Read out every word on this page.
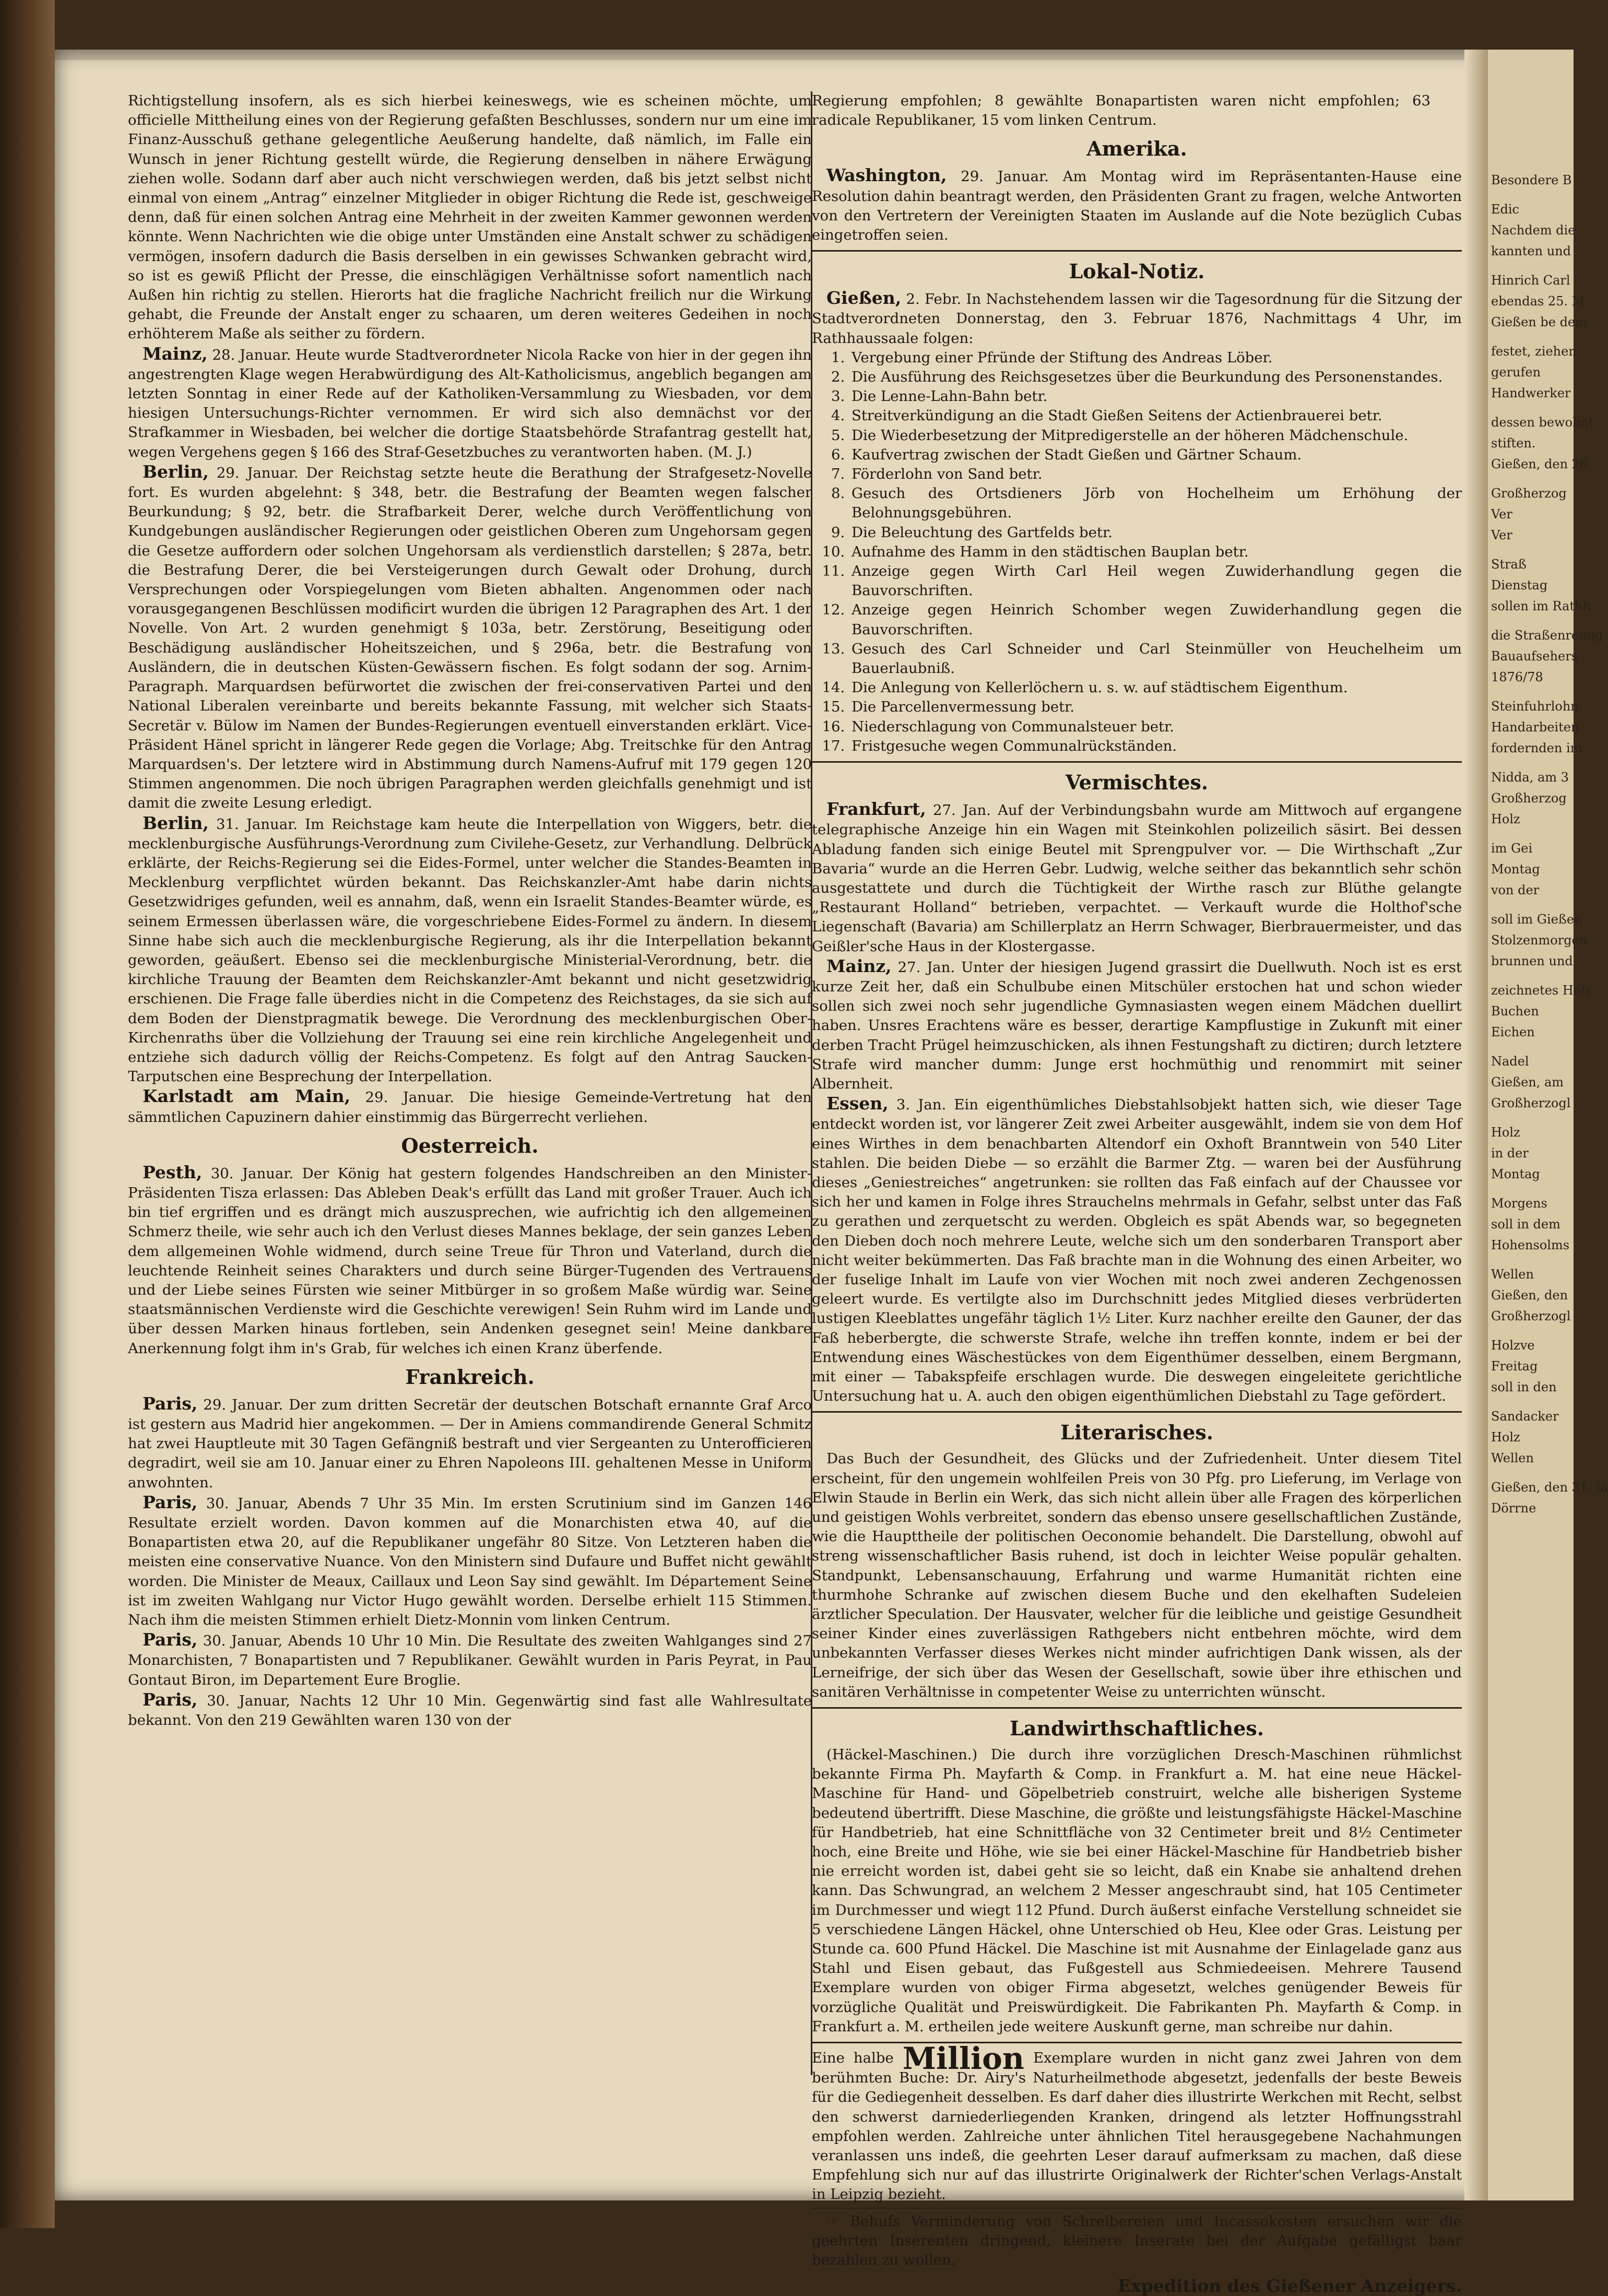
Besondere B
Edic
Nachdem die
kannten und
Hinrich Carl
ebendas 25. M
Gießen be dem
festet, ziehen
gerufen
Handwerker
dessen bewohnt
stiften.
Gießen, den 26.
Großherzog
Ver
Ver
Straß
Dienstag
sollen im Rathh
die Straßenreinig
Bauaufsehers
1876/78
Steinfuhrlohn
Handarbeiten
fordernden im
Nidda, am 3
Großherzog
Holz
im Gei
Montag
von der
soll im Gießen
Stolzenmorgen
brunnen und
zeichnetes Holz
Buchen
Eichen
Nadel
Gießen, am
Großherzogl
Holz
in der
Montag
Morgens
soll in dem
Hohensolms
Wellen
Gießen, den
Großherzogl
Holzve
Freitag
soll in den
Sandacker
Holz
Wellen
Gießen, den 31. Ja
Dörrne

Richtigstellung insofern, als es sich hierbei keineswegs, wie es scheinen möchte, um officielle Mittheilung eines von der Regierung gefaßten Beschlusses, sondern nur um eine im Finanz-Ausschuß gethane gelegentliche Aeußerung handelte, daß nämlich, im Falle ein Wunsch in jener Richtung gestellt würde, die Regierung denselben in nähere Erwägung ziehen wolle. Sodann darf aber auch nicht verschwiegen werden, daß bis jetzt selbst nicht einmal von einem „Antrag“ einzelner Mitglieder in obiger Richtung die Rede ist, geschweige denn, daß für einen solchen Antrag eine Mehrheit in der zweiten Kammer gewonnen werden könnte. Wenn Nachrichten wie die obige unter Umständen eine Anstalt schwer zu schädigen vermögen, insofern dadurch die Basis derselben in ein gewisses Schwanken gebracht wird, so ist es gewiß Pflicht der Presse, die einschlägigen Verhältnisse sofort namentlich nach Außen hin richtig zu stellen. Hierorts hat die fragliche Nachricht freilich nur die Wirkung gehabt, die Freunde der Anstalt enger zu schaaren, um deren weiteres Gedeihen in noch erhöhterem Maße als seither zu fördern.

Mainz, 28. Januar. Heute wurde Stadtverordneter Nicola Racke von hier in der gegen ihn angestrengten Klage wegen Herabwürdigung des Alt-Katholicismus, angeblich begangen am letzten Sonntag in einer Rede auf der Katholiken-Versammlung zu Wiesbaden, vor dem hiesigen Untersuchungs-Richter vernommen. Er wird sich also demnächst vor der Strafkammer in Wiesbaden, bei welcher die dortige Staatsbehörde Strafantrag gestellt hat, wegen Vergehens gegen § 166 des Straf-Gesetzbuches zu verantworten haben. (M. J.)

Berlin, 29. Januar. Der Reichstag setzte heute die Berathung der Strafgesetz-Novelle fort. Es wurden abgelehnt: § 348, betr. die Bestrafung der Beamten wegen falscher Beurkundung; § 92, betr. die Strafbarkeit Derer, welche durch Veröffentlichung von Kundgebungen ausländischer Regierungen oder geistlichen Oberen zum Ungehorsam gegen die Gesetze auffordern oder solchen Ungehorsam als verdienstlich darstellen; § 287a, betr. die Bestrafung Derer, die bei Versteigerungen durch Gewalt oder Drohung, durch Versprechungen oder Vorspiegelungen vom Bieten abhalten. Angenommen oder nach vorausgegangenen Beschlüssen modificirt wurden die übrigen 12 Paragraphen des Art. 1 der Novelle. Von Art. 2 wurden genehmigt § 103a, betr. Zerstörung, Beseitigung oder Beschädigung ausländischer Hoheitszeichen, und § 296a, betr. die Bestrafung von Ausländern, die in deutschen Küsten-Gewässern fischen. Es folgt sodann der sog. Arnim-Paragraph. Marquardsen befürwortet die zwischen der frei-conservativen Partei und den National Liberalen vereinbarte und bereits bekannte Fassung, mit welcher sich Staats-Secretär v. Bülow im Namen der Bundes-Regierungen eventuell einverstanden erklärt. Vice-Präsident Hänel spricht in längerer Rede gegen die Vorlage; Abg. Treitschke für den Antrag Marquardsen's. Der letztere wird in Abstimmung durch Namens-Aufruf mit 179 gegen 120 Stimmen angenommen. Die noch übrigen Paragraphen werden gleichfalls genehmigt und ist damit die zweite Lesung erledigt.

Berlin, 31. Januar. Im Reichstage kam heute die Interpellation von Wiggers, betr. die mecklenburgische Ausführungs-Verordnung zum Civilehe-Gesetz, zur Verhandlung. Delbrück erklärte, der Reichs-Regierung sei die Eides-Formel, unter welcher die Standes-Beamten in Mecklenburg verpflichtet würden bekannt. Das Reichskanzler-Amt habe darin nichts Gesetzwidriges gefunden, weil es annahm, daß, wenn ein Israelit Standes-Beamter würde, es seinem Ermessen überlassen wäre, die vorgeschriebene Eides-Formel zu ändern. In diesem Sinne habe sich auch die mecklenburgische Regierung, als ihr die Interpellation bekannt geworden, geäußert. Ebenso sei die mecklenburgische Ministerial-Verordnung, betr. die kirchliche Trauung der Beamten dem Reichskanzler-Amt bekannt und nicht gesetzwidrig erschienen. Die Frage falle überdies nicht in die Competenz des Reichstages, da sie sich auf dem Boden der Dienstpragmatik bewege. Die Verordnung des mecklenburgischen Ober-Kirchenraths über die Vollziehung der Trauung sei eine rein kirchliche Angelegenheit und entziehe sich dadurch völlig der Reichs-Competenz. Es folgt auf den Antrag Saucken-Tarputschen eine Besprechung der Interpellation.

Karlstadt am Main, 29. Januar. Die hiesige Gemeinde-Vertretung hat den sämmtlichen Capuzinern dahier einstimmig das Bürgerrecht verliehen.

Oesterreich.

Pesth, 30. Januar. Der König hat gestern folgendes Handschreiben an den Minister-Präsidenten Tisza erlassen: Das Ableben Deak's erfüllt das Land mit großer Trauer. Auch ich bin tief ergriffen und es drängt mich auszusprechen, wie aufrichtig ich den allgemeinen Schmerz theile, wie sehr auch ich den Verlust dieses Mannes beklage, der sein ganzes Leben dem allgemeinen Wohle widmend, durch seine Treue für Thron und Vaterland, durch die leuchtende Reinheit seines Charakters und durch seine Bürger-Tugenden des Vertrauens und der Liebe seines Fürsten wie seiner Mitbürger in so großem Maße würdig war. Seine staatsmännischen Verdienste wird die Geschichte verewigen! Sein Ruhm wird im Lande und über dessen Marken hinaus fortleben, sein Andenken gesegnet sein! Meine dankbare Anerkennung folgt ihm in's Grab, für welches ich einen Kranz überfende.

Frankreich.

Paris, 29. Januar. Der zum dritten Secretär der deutschen Botschaft ernannte Graf Arco ist gestern aus Madrid hier angekommen. — Der in Amiens commandirende General Schmitz hat zwei Hauptleute mit 30 Tagen Gefängniß bestraft und vier Sergeanten zu Unterofficieren degradirt, weil sie am 10. Januar einer zu Ehren Napoleons III. gehaltenen Messe in Uniform anwohnten.

Paris, 30. Januar, Abends 7 Uhr 35 Min. Im ersten Scrutinium sind im Ganzen 146 Resultate erzielt worden. Davon kommen auf die Monarchisten etwa 40, auf die Bonapartisten etwa 20, auf die Republikaner ungefähr 80 Sitze. Von Letzteren haben die meisten eine conservative Nuance. Von den Ministern sind Dufaure und Buffet nicht gewählt worden. Die Minister de Meaux, Caillaux und Leon Say sind gewählt. Im Département Seine ist im zweiten Wahlgang nur Victor Hugo gewählt worden. Derselbe erhielt 115 Stimmen. Nach ihm die meisten Stimmen erhielt Dietz-Monnin vom linken Centrum.

Paris, 30. Januar, Abends 10 Uhr 10 Min. Die Resultate des zweiten Wahlganges sind 27 Monarchisten, 7 Bonapartisten und 7 Republikaner. Gewählt wurden in Paris Peyrat, in Pau Gontaut Biron, im Departement Eure Broglie.

Paris, 30. Januar, Nachts 12 Uhr 10 Min. Gegenwärtig sind fast alle Wahlresultate bekannt. Von den 219 Gewählten waren 130 von der

Regierung empfohlen; 8 gewählte Bonapartisten waren nicht empfohlen; 63 radicale Republikaner, 15 vom linken Centrum.

Amerika.

Washington, 29. Januar. Am Montag wird im Repräsentanten-Hause eine Resolution dahin beantragt werden, den Präsidenten Grant zu fragen, welche Antworten von den Vertretern der Vereinigten Staaten im Auslande auf die Note bezüglich Cubas eingetroffen seien.

Lokal-Notiz.

Gießen, 2. Febr. In Nachstehendem lassen wir die Tagesordnung für die Sitzung der Stadtverordneten Donnerstag, den 3. Februar 1876, Nachmittags 4 Uhr, im Rathhaussaale folgen:

1. Vergebung einer Pfründe der Stiftung des Andreas Löber.
2. Die Ausführung des Reichsgesetzes über die Beurkundung des Personenstandes.
3. Die Lenne-Lahn-Bahn betr.
4. Streitverkündigung an die Stadt Gießen Seitens der Actienbrauerei betr.
5. Die Wiederbesetzung der Mitpredigerstelle an der höheren Mädchenschule.
6. Kaufvertrag zwischen der Stadt Gießen und Gärtner Schaum.
7. Förderlohn von Sand betr.
8. Gesuch des Ortsdieners Jörb von Hochelheim um Erhöhung der Belohnungsgebühren.
9. Die Beleuchtung des Gartfelds betr.
10. Aufnahme des Hamm in den städtischen Bauplan betr.
11. Anzeige gegen Wirth Carl Heil wegen Zuwiderhandlung gegen die Bauvorschriften.
12. Anzeige gegen Heinrich Schomber wegen Zuwiderhandlung gegen die Bauvorschriften.
13. Gesuch des Carl Schneider und Carl Steinmüller von Heuchelheim um Bauerlaubniß.
14. Die Anlegung von Kellerlöchern u. s. w. auf städtischem Eigenthum.
15. Die Parcellenvermessung betr.
16. Niederschlagung von Communalsteuer betr.
17. Fristgesuche wegen Communalrückständen.
Vermischtes.

Frankfurt, 27. Jan. Auf der Verbindungsbahn wurde am Mittwoch auf ergangene telegraphische Anzeige hin ein Wagen mit Steinkohlen polizeilich säsirt. Bei dessen Abladung fanden sich einige Beutel mit Sprengpulver vor. — Die Wirthschaft „Zur Bavaria“ wurde an die Herren Gebr. Ludwig, welche seither das bekanntlich sehr schön ausgestattete und durch die Tüchtigkeit der Wirthe rasch zur Blüthe gelangte „Restaurant Holland“ betrieben, verpachtet. — Verkauft wurde die Holthof'sche Liegenschaft (Bavaria) am Schillerplatz an Herrn Schwager, Bierbrauermeister, und das Geißler'sche Haus in der Klostergasse.

Mainz, 27. Jan. Unter der hiesigen Jugend grassirt die Duellwuth. Noch ist es erst kurze Zeit her, daß ein Schulbube einen Mitschüler erstochen hat und schon wieder sollen sich zwei noch sehr jugendliche Gymnasiasten wegen einem Mädchen duellirt haben. Unsres Erachtens wäre es besser, derartige Kampflustige in Zukunft mit einer derben Tracht Prügel heimzuschicken, als ihnen Festungshaft zu dictiren; durch letztere Strafe wird mancher dumm: Junge erst hochmüthig und renommirt mit seiner Albernheit.

Essen, 3. Jan. Ein eigenthümliches Diebstahlsobjekt hatten sich, wie dieser Tage entdeckt worden ist, vor längerer Zeit zwei Arbeiter ausgewählt, indem sie von dem Hof eines Wirthes in dem benachbarten Altendorf ein Oxhoft Branntwein von 540 Liter stahlen. Die beiden Diebe — so erzählt die Barmer Ztg. — waren bei der Ausführung dieses „Geniestreiches“ angetrunken: sie rollten das Faß einfach auf der Chaussee vor sich her und kamen in Folge ihres Strauchelns mehrmals in Gefahr, selbst unter das Faß zu gerathen und zerquetscht zu werden. Obgleich es spät Abends war, so begegneten den Dieben doch noch mehrere Leute, welche sich um den sonderbaren Transport aber nicht weiter bekümmerten. Das Faß brachte man in die Wohnung des einen Arbeiter, wo der fuselige Inhalt im Laufe von vier Wochen mit noch zwei anderen Zechgenossen geleert wurde. Es vertilgte also im Durchschnitt jedes Mitglied dieses verbrüderten lustigen Kleeblattes ungefähr täglich 1½ Liter. Kurz nachher ereilte den Gauner, der das Faß heberbergte, die schwerste Strafe, welche ihn treffen konnte, indem er bei der Entwendung eines Wäschestückes von dem Eigenthümer desselben, einem Bergmann, mit einer — Tabakspfeife erschlagen wurde. Die deswegen eingeleitete gerichtliche Untersuchung hat u. A. auch den obigen eigenthümlichen Diebstahl zu Tage gefördert.

Literarisches.

Das Buch der Gesundheit, des Glücks und der Zufriedenheit. Unter diesem Titel erscheint, für den ungemein wohlfeilen Preis von 30 Pfg. pro Lieferung, im Verlage von Elwin Staude in Berlin ein Werk, das sich nicht allein über alle Fragen des körperlichen und geistigen Wohls verbreitet, sondern das ebenso unsere gesellschaftlichen Zustände, wie die Haupttheile der politischen Oeconomie behandelt. Die Darstellung, obwohl auf streng wissenschaftlicher Basis ruhend, ist doch in leichter Weise populär gehalten. Standpunkt, Lebensanschauung, Erfahrung und warme Humanität richten eine thurmhohe Schranke auf zwischen diesem Buche und den ekelhaften Sudeleien ärztlicher Speculation. Der Hausvater, welcher für die leibliche und geistige Gesundheit seiner Kinder eines zuverlässigen Rathgebers nicht entbehren möchte, wird dem unbekannten Verfasser dieses Werkes nicht minder aufrichtigen Dank wissen, als der Lerneifrige, der sich über das Wesen der Gesellschaft, sowie über ihre ethischen und sanitären Verhältnisse in competenter Weise zu unterrichten wünscht.

Landwirthschaftliches.

(Häckel-Maschinen.) Die durch ihre vorzüglichen Dresch-Maschinen rühmlichst bekannte Firma Ph. Mayfarth & Comp. in Frankfurt a. M. hat eine neue Häckel-Maschine für Hand- und Göpelbetrieb construirt, welche alle bisherigen Systeme bedeutend übertrifft. Diese Maschine, die größte und leistungsfähigste Häckel-Maschine für Handbetrieb, hat eine Schnittfläche von 32 Centimeter breit und 8½ Centimeter hoch, eine Breite und Höhe, wie sie bei einer Häckel-Maschine für Handbetrieb bisher nie erreicht worden ist, dabei geht sie so leicht, daß ein Knabe sie anhaltend drehen kann. Das Schwungrad, an welchem 2 Messer angeschraubt sind, hat 105 Centimeter im Durchmesser und wiegt 112 Pfund. Durch äußerst einfache Verstellung schneidet sie 5 verschiedene Längen Häckel, ohne Unterschied ob Heu, Klee oder Gras. Leistung per Stunde ca. 600 Pfund Häckel. Die Maschine ist mit Ausnahme der Einlagelade ganz aus Stahl und Eisen gebaut, das Fußgestell aus Schmiedeeisen. Mehrere Tausend Exemplare wurden von obiger Firma abgesetzt, welches genügender Beweis für vorzügliche Qualität und Preiswürdigkeit. Die Fabrikanten Ph. Mayfarth & Comp. in Frankfurt a. M. ertheilen jede weitere Auskunft gerne, man schreibe nur dahin.

Eine halbe Million Exemplare wurden in nicht ganz zwei Jahren von dem berühmten Buche: Dr. Airy's Naturheilmethode abgesetzt, jedenfalls der beste Beweis für die Gediegenheit desselben. Es darf daher dies illustrirte Werkchen mit Recht, selbst den schwerst darniederliegenden Kranken, dringend als letzter Hoffnungsstrahl empfohlen werden. Zahlreiche unter ähnlichen Titel herausgegebene Nachahmungen veranlassen uns indeß, die geehrten Leser darauf aufmerksam zu machen, daß diese Empfehlung sich nur auf das illustrirte Originalwerk der Richter'schen Verlags-Anstalt in Leipzig bezieht.

☞ Behufs Verminderung von Schreibereien und Incassokosten ersuchen wir die geehrten Inserenten dringend, kleinere Inserate bei der Aufgabe gefälligst baar bezahlen zu wollen.

Expedition des Gießener Anzeigers.
